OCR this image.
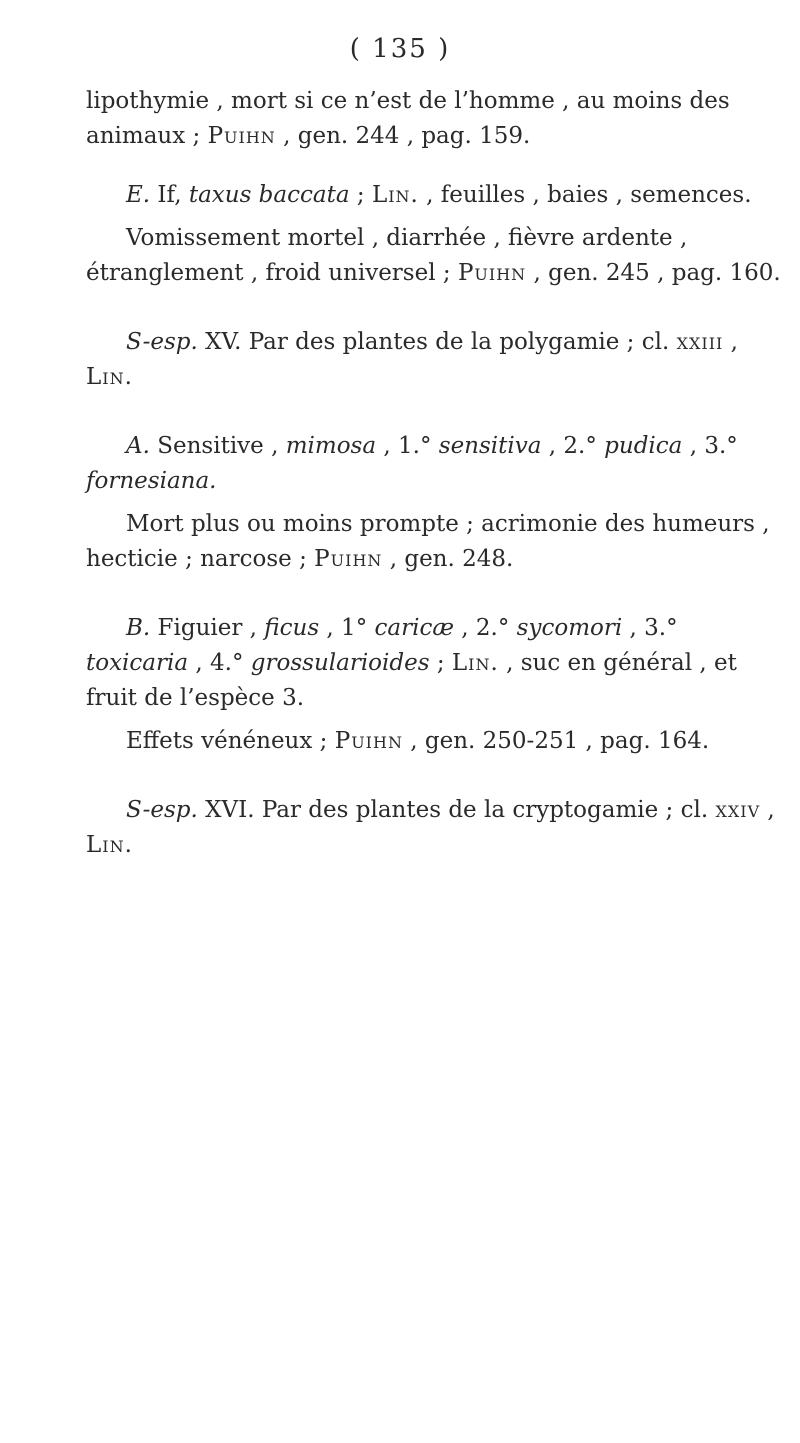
( 135 )

lipothymie , mort si ce n’est de l’homme , au moins des animaux ; Puihn , gen. 244 , pag. 159.

E. If, taxus baccata ; Lin. , feuilles , baies , semences.

Vomissement mortel , diarrhée , fièvre ardente , étranglement , froid universel ; Puihn , gen. 245 , pag. 160.

S-esp. XV. Par des plantes de la polygamie ; cl. xxiii , Lin.

A. Sensitive , mimosa , 1.° sensitiva , 2.° pudica , 3.° fornesiana.

Mort plus ou moins prompte ; acrimonie des humeurs , hecticie ; narcose ; Puihn , gen. 248.

B. Figuier , ficus , 1° caricæ , 2.° sycomori , 3.° toxicaria , 4.° grossularioides ; Lin. , suc en général , et fruit de l’espèce 3.

Effets vénéneux ; Puihn , gen. 250-251 , pag. 164.

S-esp. XVI. Par des plantes de la cryptogamie ; cl. xxiv , Lin.
